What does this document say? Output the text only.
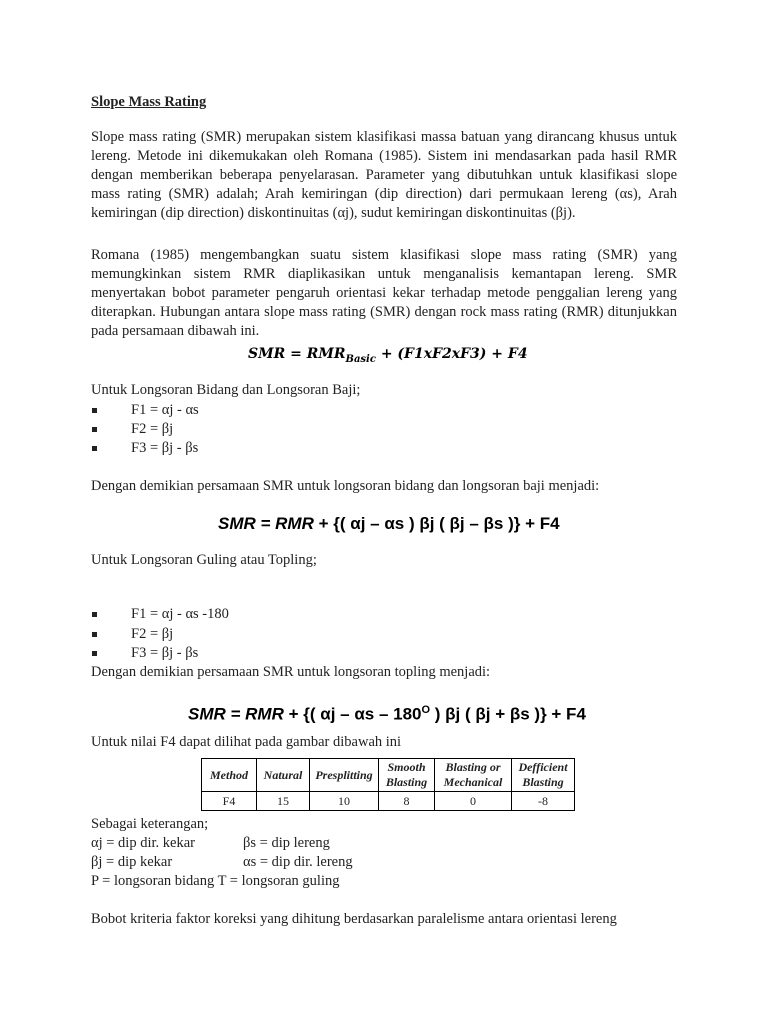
Slope Mass Rating

Slope mass rating (SMR) merupakan sistem klasifikasi massa batuan yang dirancang khusus untuk lereng. Metode ini dikemukakan oleh Romana (1985). Sistem ini mendasarkan pada hasil RMR dengan memberikan beberapa penyelarasan. Parameter yang dibutuhkan untuk klasifikasi slope mass rating (SMR) adalah; Arah kemiringan (dip direction) dari permukaan lereng (αs), Arah kemiringan (dip direction) diskontinuitas (αj), sudut kemiringan diskontinuitas (βj).

Romana (1985) mengembangkan suatu sistem klasifikasi slope mass rating (SMR) yang memungkinkan sistem RMR diaplikasikan untuk menganalisis kemantapan lereng. SMR menyertakan bobot parameter pengaruh orientasi kekar terhadap metode penggalian lereng yang diterapkan. Hubungan antara slope mass rating (SMR) dengan rock mass rating (RMR) ditunjukkan pada persamaan dibawah ini.

SMR = $RMR_{Basic} + (F1xF2xF3) + F4$
Untuk Longsoran Bidang dan Longsoran Baji;
F1 = αj - αs
F2 = βj
F3 = βj - βs
Dengan demikian persamaan SMR untuk longsoran bidang dan longsoran baji menjadi:
SMR = RMR + {( αj – αs ) βj ( βj – βs )} + F4
Untuk Longsoran Guling atau Topling;
F1 = αj - αs -180
F2 = βj
F3 = βj - βs
Dengan demikian persamaan SMR untuk longsoran topling menjadi:
SMR = RMR + {( αj – αs – $180^O$ ) βj ( βj + βs )} + F4
Untuk nilai F4 dapat dilihat pada gambar dibawah ini
Method	Natural	Presplitting	Smooth Blasting	Blasting or Mechanical	Defficient Blasting
F4	15	10	8	0	-8
Sebagai keterangan;
αj = dip dir. kekar	βs = dip lereng
βj = dip kekar	αs = dip dir. lereng
P = longsoran bidang T = longsoran guling
Bobot kriteria faktor koreksi yang dihitung berdasarkan paralelisme antara orientasi lereng
